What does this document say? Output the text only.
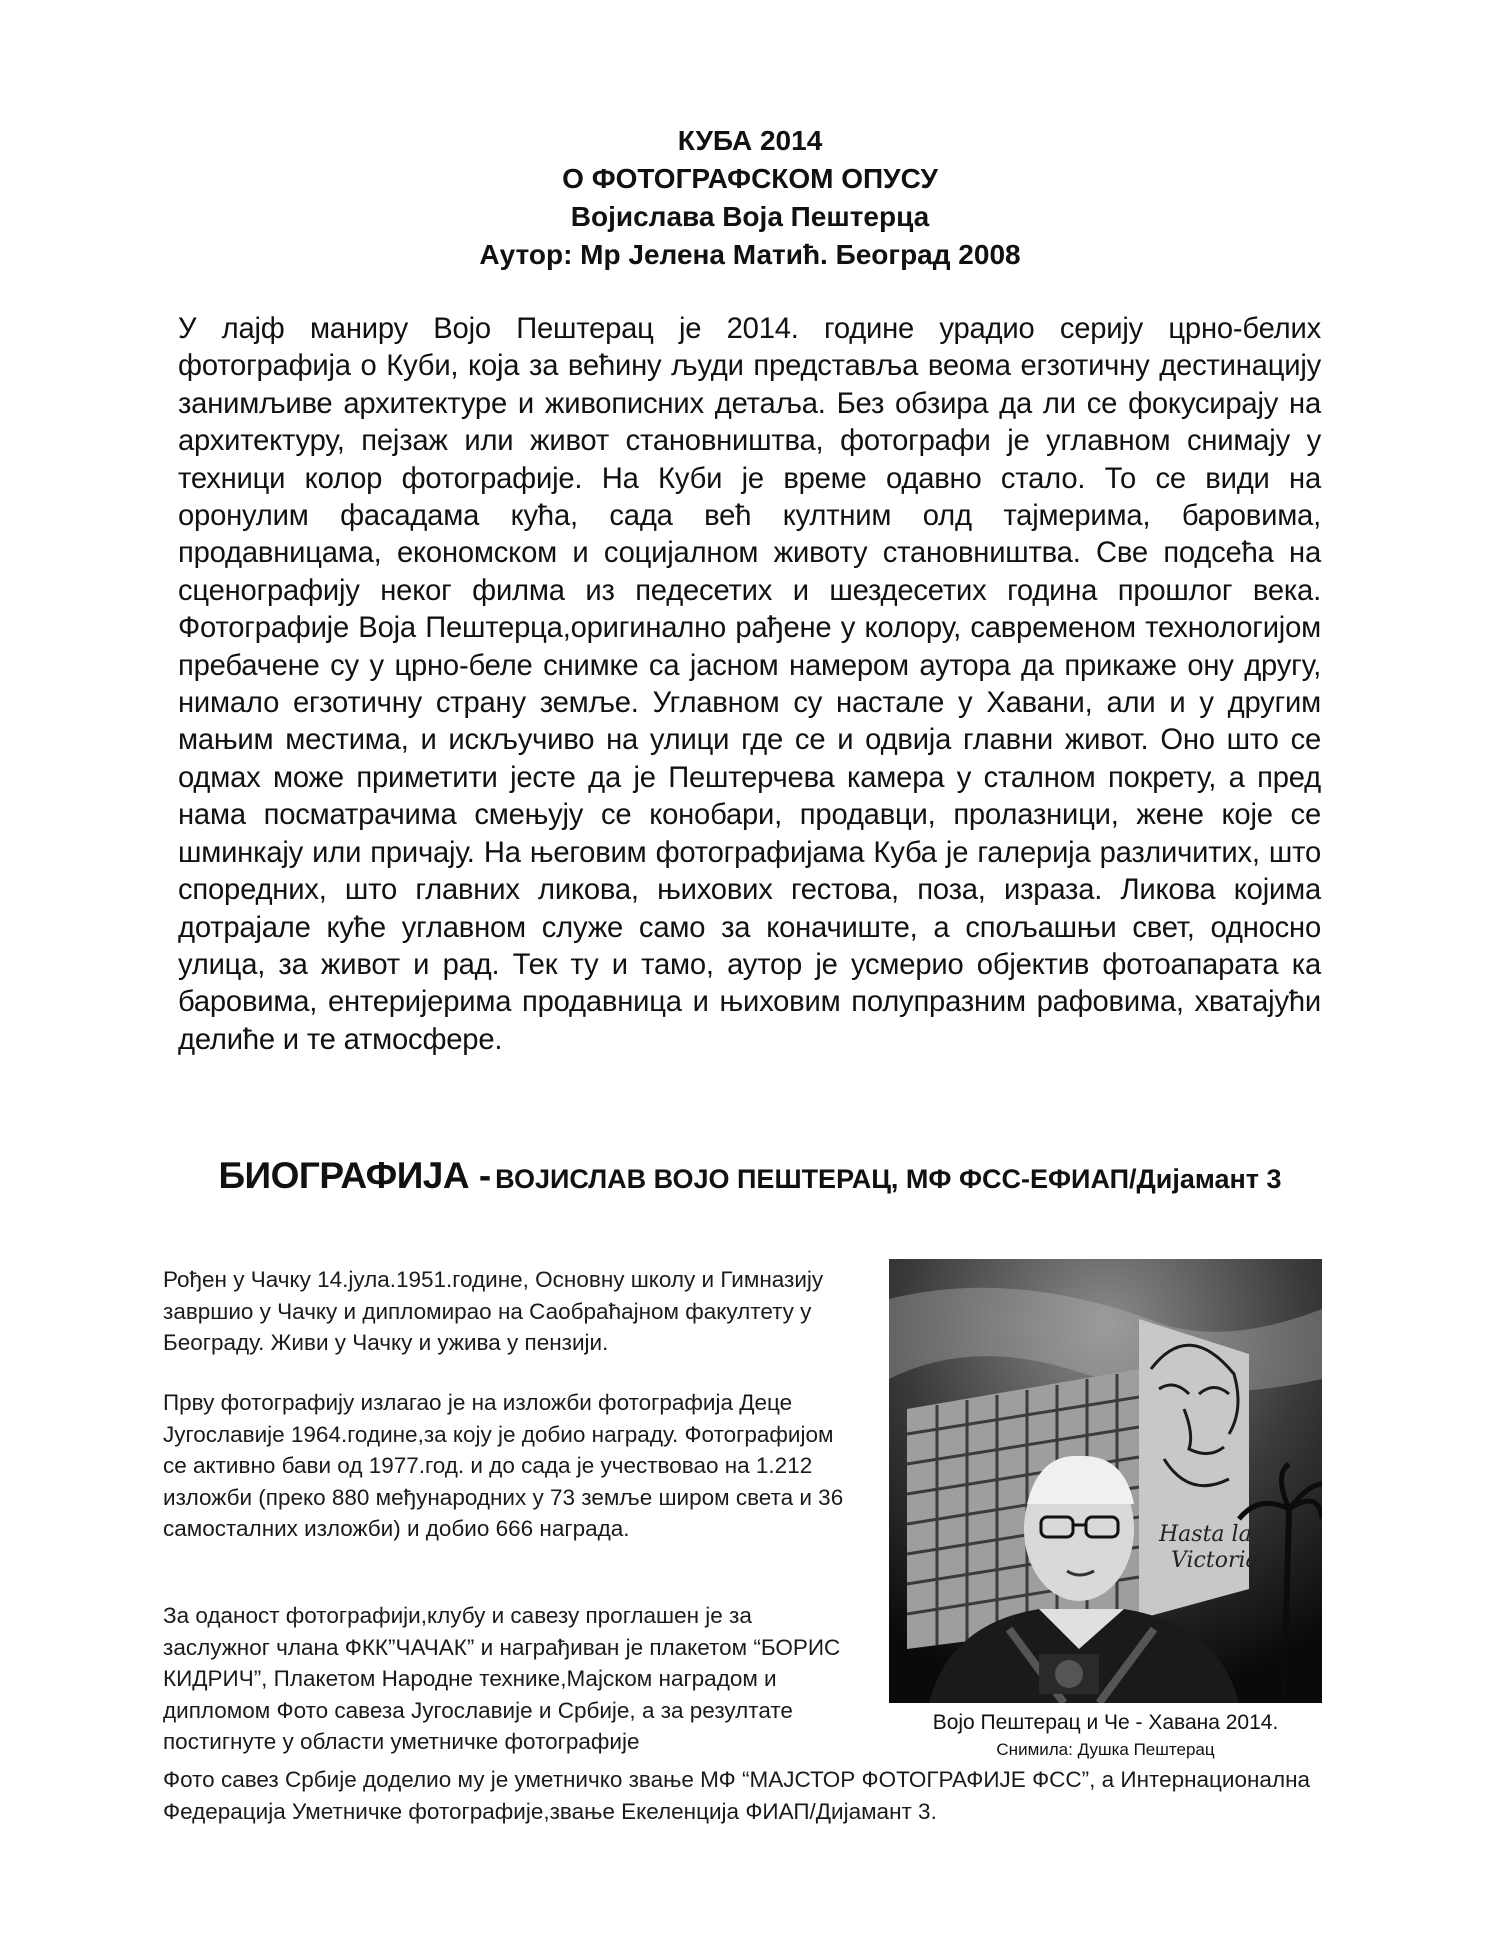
КУБА 2014
О ФОТОГРАФСКОМ ОПУСУ
Војислава Воја Пештерца
Аутор: Мр Јелена Матић. Београд 2008

У лајф маниру Војо Пештерац је 2014. године урадио серију црно-белих фотографија о Куби, која за већину људи представља веома егзотичну дестинацију занимљиве архитектуре и живописних детаља. Без обзира да ли се фокусирају на архитектуру, пејзаж или живот становништва, фотографи је углавном снимају у техници колор фотографије. На Куби је време одавно стало. То се види на оронулим фасадама кућа, сада већ култним олд тајмерима, баровима, продавницама, економском и социјалном животу становништва. Све подсећа на сценографију неког филма из педесетих и шездесетих година прошлог века. Фотографије Воја Пештерца,оригинално рађене у колору, савременом технологијом пребачене су у црно-беле снимке са јасном намером аутора да прикаже ону другу, нимало егзотичну страну земље. Углавном су настале у Хавани, али и у другим мањим местима, и искључиво на улици где се и одвија главни живот. Оно што се одмах може приметити јесте да је Пештерчева камера у сталном покрету, а пред нама посматрачима смењују се конобари, продавци, пролазници, жене које се шминкају или причају. На његовим фотографијама Куба је галерија различитих, што споредних, што главних ликова, њихових гестова, поза, израза. Ликова којима дотрајале куће углавном служе само за коначиште, а спољашњи свет, односно улица, за живот и рад. Тек ту и тамо, аутор је усмерио објектив фотоапарата ка баровима, ентеријерима продавница и њиховим полупразним рафовима, хватајући делиће и те атмосфере.

БИОГРАФИЈА - ВОЈИСЛАВ ВОЈО ПЕШТЕРАЦ, МФ ФСС-ЕФИАП/Дијамант 3

Рођен у Чачку 14.јула.1951.године, Основну школу и Гимназију завршио у Чачку и дипломирао на Саобраћајном факултету у Београду. Живи у Чачку и ужива у пензији.

Прву фотографију излагао је на изложби фотографија Деце Југославије 1964.године,за коју је добио награду. Фотографијом се активно бави од 1977.год. и до сада је учествовао на 1.212 изложби (преко 880 међународних у 73 земље широм света и 36 самосталних изложби) и добио 666 награда.

За оданост фотографији,клубу и савезу проглашен је за заслужног члана ФКК”ЧАЧАК” и награђиван је плакетом “БОРИС КИДРИЧ”, Плакетом Народне технике,Мајском наградом и дипломом Фото савеза Југославије и Србије, а за резултате постигнуте у области уметничке фотографије

Фото савез Србије доделио му је уметничко звање МФ “МАЈСТОР ФОТОГРАФИЈЕ ФСС”, а Интернационална Федерација Уметничке фотографије,звање Екеленција ФИАП/Дијамант 3.

Hasta la
Victoria
Војо Пештерац и Че - Хавана 2014.
Снимила: Душка Пештерац
